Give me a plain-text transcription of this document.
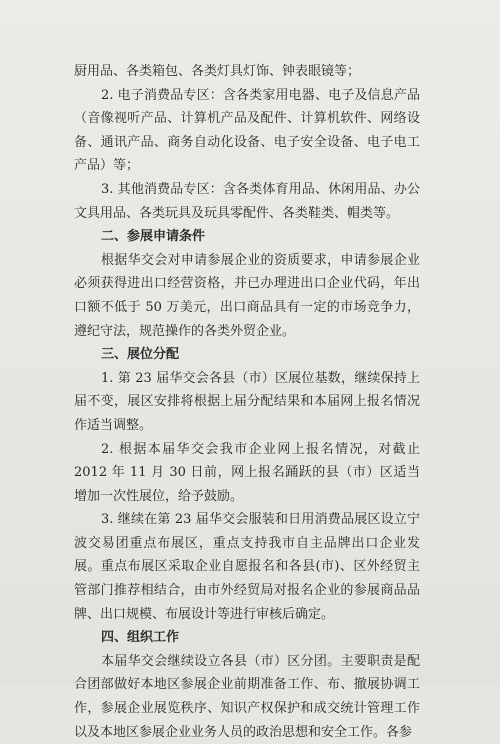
厨用品、各类箱包、各类灯具灯饰、钟表眼镜等；

2. 电子消费品专区：含各类家用电器、电子及信息产品（音像视听产品、计算机产品及配件、计算机软件、网络设备、通讯产品、商务自动化设备、电子安全设备、电子电工产品）等；

3. 其他消费品专区：含各类体育用品、休闲用品、办公文具用品、各类玩具及玩具零配件、各类鞋类、帽类等。

二、参展申请条件

根据华交会对申请参展企业的资质要求，申请参展企业必须获得进出口经营资格，并已办理进出口企业代码，年出口额不低于 50 万美元，出口商品具有一定的市场竞争力，遵纪守法，规范操作的各类外贸企业。

三、展位分配

1. 第 23 届华交会各县（市）区展位基数，继续保持上届不变，展区安排将根据上届分配结果和本届网上报名情况作适当调整。

2. 根据本届华交会我市企业网上报名情况，对截止 2012 年 11 月 30 日前，网上报名踊跃的县（市）区适当增加一次性展位，给予鼓励。

3. 继续在第 23 届华交会服装和日用消费品展区设立宁波交易团重点布展区，重点支持我市自主品牌出口企业发展。重点布展区采取企业自愿报名和各县(市)、区外经贸主管部门推荐相结合，由市外经贸局对报名企业的参展商品品牌、出口规模、布展设计等进行审核后确定。

四、组织工作

本届华交会继续设立各县（市）区分团。主要职责是配合团部做好本地区参展企业前期准备工作、布、撤展协调工作，参展企业展览秩序、知识产权保护和成交统计管理工作以及本地区参展企业业务人员的政治思想和安全工作。各参
